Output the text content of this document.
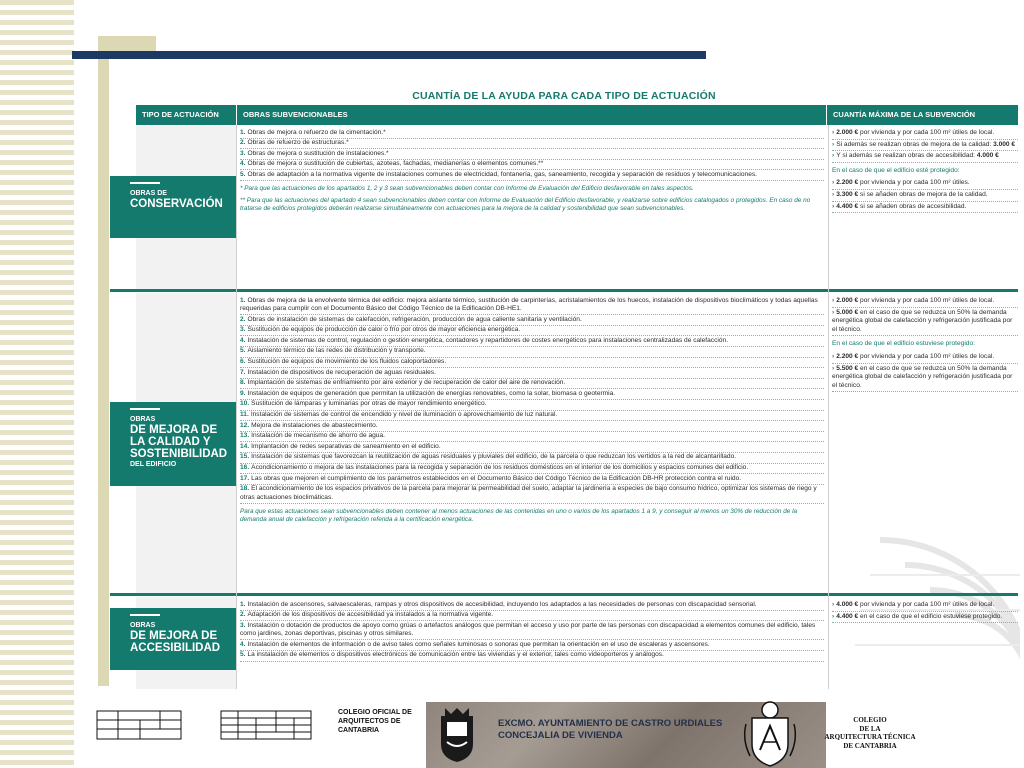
CUANTÍA DE LA AYUDA PARA CADA TIPO DE ACTUACIÓN
TIPO DE ACTUACIÓN	OBRAS SUBVENCIONABLES	CUANTÍA MÁXIMA DE LA SUBVENCIÓN
OBRAS DE
CONSERVACIÓN
OBRAS
DE MEJORA DE LA CALIDAD Y SOSTENIBILIDAD
DEL EDIFICIO
OBRAS
DE MEJORA DE ACCESIBILIDAD
1. Obras de mejora o refuerzo de la cimentación.*
2. Obras de refuerzo de estructuras.*
3. Obras de mejora o sustitución de instalaciones.*
4. Obras de mejora o sustitución de cubiertas, azoteas, fachadas, medianerías o elementos comunes.**
5. Obras de adaptación a la normativa vigente de instalaciones comunes de electricidad, fontanería, gas, saneamiento, recogida y separación de residuos y telecomunicaciones.
* Para que las actuaciones de los apartados 1, 2 y 3 sean subvencionables deben contar con Informe de Evaluación del Edificio desfavorable en tales aspectos.
** Para que las actuaciones del apartado 4 sean subvencionables deben contar con Informe de Evaluación del Edificio desfavorable, y realizarse sobre edificios catalogados o protegidos. En caso de no tratarse de edificios protegidos deberán realizarse simultáneamente con actuaciones para la mejora de la calidad y sostenibilidad que sean subvencionables.
1. Obras de mejora de la envolvente térmica del edificio: mejora aislante térmico, sustitución de carpinterías, acristalamientos de los huecos, instalación de dispositivos bioclimáticos y todas aquellas requeridas para cumplir con el Documento Básico del Código Técnico de la Edificación DB-HE1.
2. Obras de instalación de sistemas de calefacción, refrigeración, producción de agua caliente sanitaria y ventilación.
3. Sustitución de equipos de producción de calor o frío por otros de mayor eficiencia energética.
4. Instalación de sistemas de control, regulación o gestión energética, contadores y repartidores de costes energéticos para instalaciones centralizadas de calefacción.
5. Aislamiento térmico de las redes de distribución y transporte.
6. Sustitución de equipos de movimiento de los fluidos caloportadores.
7. Instalación de dispositivos de recuperación de aguas residuales.
8. Implantación de sistemas de enfriamiento por aire exterior y de recuperación de calor del aire de renovación.
9. Instalación de equipos de generación que permitan la utilización de energías renovables, como la solar, biomasa o geotermia.
10. Sustitución de lámparas y luminarias por otras de mayor rendimiento energético.
11. Instalación de sistemas de control de encendido y nivel de iluminación o aprovechamiento de luz natural.
12. Mejora de instalaciones de abastecimiento.
13. Instalación de mecanismo de ahorro de agua.
14. Implantación de redes separativas de saneamiento en el edificio.
15. Instalación de sistemas que favorezcan la reutilización de aguas residuales y pluviales del edificio, de la parcela o que reduzcan los vertidos a la red de alcantarillado.
16. Acondicionamiento o mejora de las instalaciones para la recogida y separación de los residuos domésticos en el interior de los domicilios y espacios comunes del edificio.
17. Las obras que mejoren el cumplimiento de los parámetros establecidos en el Documento Básico del Código Técnico de la Edificación DB-HR protección contra el ruido.
18. El acondicionamiento de los espacios privativos de la parcela para mejorar la permeabilidad del suelo, adaptar la jardinería a especies de bajo consumo hídrico, optimizar los sistemas de riego y otras actuaciones bioclimáticas.
Para que estas actuaciones sean subvencionables deben contener al menos actuaciones de las contenidas en uno o varios de los apartados 1 a 9, y conseguir al menos un 30% de reducción de la demanda anual de calefacción y refrigeración referida a la certificación energética.
1. Instalación de ascensores, salvaescaleras, rampas y otros dispositivos de accesibilidad, incluyendo los adaptados a las necesidades de personas con discapacidad sensorial.
2. Adaptación de los dispositivos de accesibilidad ya instalados a la normativa vigente.
3. Instalación o dotación de productos de apoyo como grúas o artefactos análogos que permitan el acceso y uso por parte de las personas con discapacidad a elementos comunes del edificio, tales como jardines, zonas deportivas, piscinas y otros similares.
4. Instalación de elementos de información o de aviso tales como señales luminosas o sonoras que permitan la orientación en el uso de escaleras y ascensores.
5. La instalación de elementos o dispositivos electrónicos de comunicación entre las viviendas y el exterior, tales como videoporteros y análogos.
› 2.000 € por vivienda y por cada 100 m² útiles de local.
› Si además se realizan obras de mejora de la calidad: 3.000 €
› Y si además se realizan obras de accesibilidad: 4.000 €
En el caso de que el edificio esté protegido:
› 2.200 € por vivienda y por cada 100 m² útiles.
› 3.300 € si se añaden obras de mejora de la calidad.
› 4.400 € si se añaden obras de accesibilidad.
› 2.000 € por vivienda y por cada 100 m² útiles de local.
› 5.000 € en el caso de que se reduzca un 50% la demanda energética global de calefacción y refrigeración justificada por el técnico.
En el caso de que el edificio estuviese protegido:
› 2.200 € por vivienda y por cada 100 m² útiles de local.
› 5.500 € en el caso de que se reduzca un 50% la demanda energética global de calefacción y refrigeración justificada por el técnico.
› 4.000 € por vivienda y por cada 100 m² útiles de local.
› 4.400 € en el caso de que el edificio estuviese protegido.
COLEGIO OFICIAL DE ARQUITECTOS DE CANTABRIA
EXCMO. AYUNTAMIENTO DE CASTRO URDIALES
CONCEJALIA DE VIVIENDA
COLEGIO
DE LA
ARQUITECTURA TÉCNICA
DE CANTABRIA
